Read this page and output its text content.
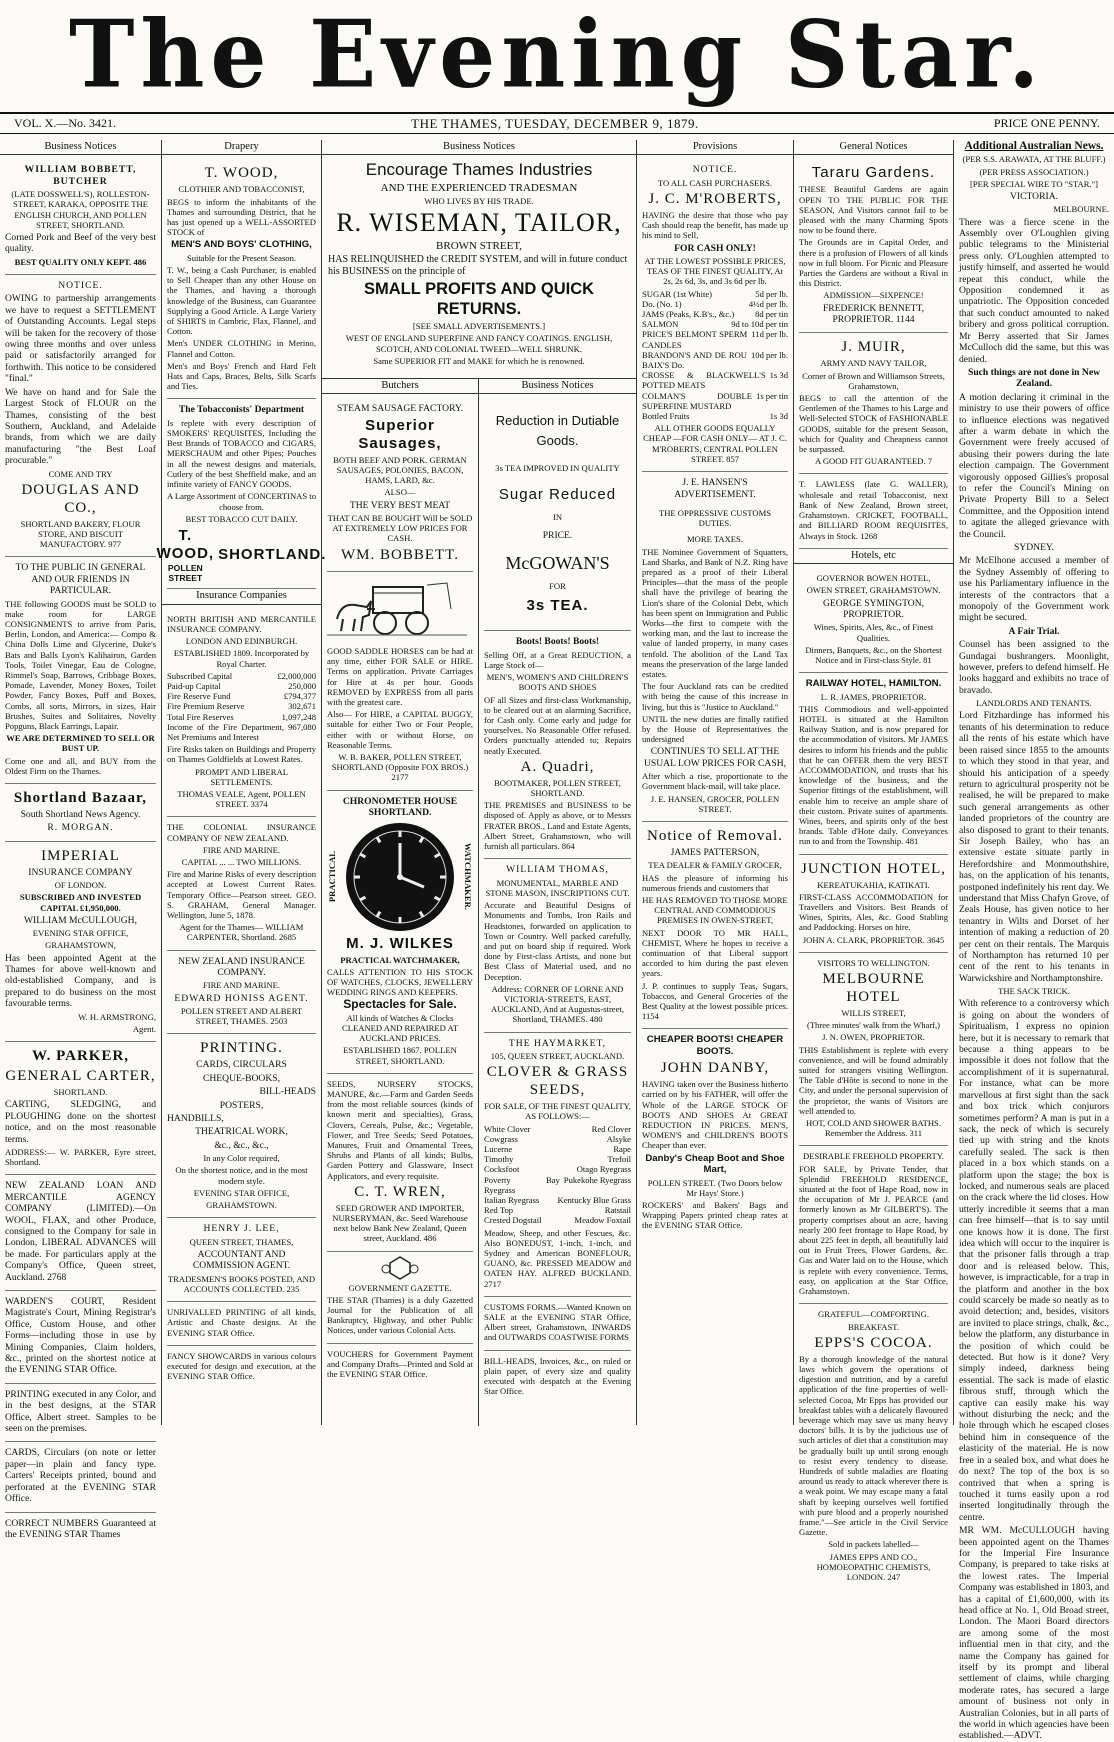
The Evening Star.
VOL. X.—No. 3421.	THE THAMES, TUESDAY, DECEMBER 9, 1879.	PRICE ONE PENNY.
Business Notices

WILLIAM BOBBETT, BUTCHER

(LATE DOSSWELL'S), ROLLESTON-STREET, KARAKA, OPPOSITE THE ENGLISH CHURCH, AND POLLEN STREET, SHORTLAND.

Corned Pork and Beef of the very best quality.

BEST QUALITY ONLY KEPT. 486

NOTICE.

OWING to partnership arrangements we have to request a SETTLEMENT of Outstanding Accounts. Legal steps will be taken for the recovery of those owing three months and over unless paid or satisfactorily arranged for forthwith. This notice to be considered "final."

We have on hand and for Sale the Largest Stock of FLOUR on the Thames, consisting of the best Southern, Auckland, and Adelaide brands, from which we are daily manufacturing "the Best Loaf procurable."

COME AND TRY

DOUGLAS AND CO.,

SHORTLAND BAKERY, FLOUR STORE, AND BISCUIT MANUFACTORY. 977

TO THE PUBLIC IN GENERAL AND OUR FRIENDS IN PARTICULAR.

THE following GOODS must be SOLD to make room for LARGE CONSIGNMENTS to arrive from Paris, Berlin, London, and America:— Compo & China Dolls Lime and Glycerine, Duke's Bats and Balls Lyon's Kalihairon, Garden Tools, Toilet Vinegar, Eau de Cologne, Rimmel's Soap, Barrows, Cribbage Boxes, Pomade, Lavender, Money Boxes, Toilet Powder, Fancy Boxes, Puff and Boxes, Combs, all sorts, Mirrors, in sizes, Hair Brushes, Suites and Solitaires, Novelty Popguns, Black Earrings, Lapair.

WE ARE DETERMINED TO SELL OR BUST UP.

Come one and all, and BUY from the Oldest Firm on the Thames.

Shortland Bazaar,

South Shortland News Agency.

R. MORGAN.

IMPERIAL

INSURANCE COMPANY

OF LONDON.

SUBSCRIBED AND INVESTED CAPITAL £1,950,000.

WILLIAM McCULLOUGH,

EVENING STAR OFFICE,

GRAHAMSTOWN,

Has been appointed Agent at the Thames for above well-known and old-established Company, and is prepared to do business on the most favourable terms.

W. H. ARMSTRONG,

Agent.

W. PARKER,

GENERAL CARTER,

SHORTLAND.

CARTING, SLEDGING, and PLOUGHING done on the shortest notice, and on the most reasonable terms.

ADDRESS:— W. PARKER, Eyre street, Shortland.

NEW ZEALAND LOAN AND MERCANTILE AGENCY COMPANY (LIMITED).—On WOOL, FLAX, and other Produce, consigned to the Company for sale in London, LIBERAL ADVANCES will be made. For particulars apply at the Company's Office, Queen street, Auckland. 2768

WARDEN'S COURT, Resident Magistrate's Court, Mining Registrar's Office, Custom House, and other Forms—including those in use by Mining Companies, Claim holders, &c., printed on the shortest notice at the EVENING STAR Office.

PRINTING executed in any Color, and in the best designs, at the STAR Office, Albert street. Samples to be seen on the premises.

CARDS, Circulars (on note or letter paper—in plain and fancy type. Carters' Receipts printed, bound and perforated at the EVENING STAR Office.

CORRECT NUMBERS Guaranteed at the EVENING STAR Thames

Drapery

T. WOOD,

CLOTHIER AND TOBACCONIST,

BEGS to inform the inhabitants of the Thames and surrounding District, that he has just opened up a WELL-ASSORTED STOCK of

MEN'S AND BOYS' CLOTHING,

Suitable for the Present Season.

T. W., being a Cash Purchaser, is enabled to Sell Cheaper than any other House on the Thames, and having a thorough knowledge of the Business, can Guarantee Supplying a Good Article. A Large Variety of SHIRTS in Cambric, Flax, Flannel, and Cotton.

Men's UNDER CLOTHING in Merino, Flannel and Cotton.

Men's and Boys' French and Hard Felt Hats and Caps, Braces, Belts, Silk Scarfs and Ties.

The Tobacconists' Department

Is replete with every description of SMOKERS' REQUISITES, Including the Best Brands of TOBACCO and CIGARS, MERSCHAUM and other Pipes; Pouches in all the newest designs and materials, Cutlery of the best Sheffield make, and an infinite variety of FANCY GOODS.

A Large Assortment of CONCERTINAS to choose from.

BEST TOBACCO CUT DAILY.

T. WOOD,
POLLEN STREET
SHORTLAND.
Insurance Companies

NORTH BRITISH AND MERCANTILE INSURANCE COMPANY.

LONDON AND EDINBURGH.

ESTABLISHED 1809. Incorporated by Royal Charter.

Subscribed Capital	£2,000,000
Paid-up Capital	250,000
Fire Reserve Fund	£794,377
Fire Premium Reserve	302,671
Total Fire Reserves	1,097,248
Income of the Fire Department, Net Premiums and Interest
967,080

Fire Risks taken on Buildings and Property on Thames Goldfields at Lowest Rates.

PROMPT AND LIBERAL SETTLEMENTS.

THOMAS VEALE, Agent, POLLEN STREET. 3374

THE COLONIAL INSURANCE COMPANY OF NEW ZEALAND.

FIRE AND MARINE.

CAPITAL ... ... TWO MILLIONS.

Fire and Marine Risks of every description accepted at Lowest Current Rates. Temporary Office—Pearson street. GEO. S. GRAHAM, General Manager. Wellington, June 5, 1878.

Agent for the Thames— WILLIAM CARPENTER, Shortland. 2685

NEW ZEALAND INSURANCE COMPANY.

FIRE AND MARINE.

EDWARD HONISS AGENT.

POLLEN STREET AND ALBERT STREET, THAMES. 2503

PRINTING.

CARDS, CIRCULARS

CHEQUE-BOOKS,

BILL-HEADS

POSTERS,

HANDBILLS,

THEATRICAL WORK,

&c., &c., &c.,

In any Color required,

On the shortest notice, and in the most modern style.

EVENING STAR OFFICE,

GRAHAMSTOWN.

HENRY J. LEE,

QUEEN STREET, THAMES,

ACCOUNTANT AND COMMISSION AGENT.

TRADESMEN'S BOOKS POSTED, AND ACCOUNTS COLLECTED. 235

UNRIVALLED PRINTING of all kinds, Artistic and Chaste designs. At the EVENING STAR Office.

FANCY SHOWCARDS in various colours executed for design and execution, at the EVENING STAR Office.

Business Notices

Encourage Thames Industries

AND THE EXPERIENCED TRADESMAN

WHO LIVES BY HIS TRADE.

R. WISEMAN, TAILOR,

BROWN STREET,

HAS RELINQUISHED the CREDIT SYSTEM, and will in future conduct his BUSINESS on the principle of

SMALL PROFITS AND QUICK RETURNS.

[SEE SMALL ADVERTISEMENTS.]

WEST OF ENGLAND SUPERFINE AND FANCY COATINGS. ENGLISH, SCOTCH, AND COLONIAL TWEED—WELL SHRUNK.

Same SUPERIOR FIT and MAKE for which he is renowned.

Butchers

STEAM SAUSAGE FACTORY.

Superior Sausages,

BOTH BEEF AND PORK. GERMAN SAUSAGES, POLONIES, BACON, HAMS, LARD, &c.

ALSO—

THE VERY BEST MEAT

THAT CAN BE BOUGHT Will be SOLD AT EXTREMELY LOW PRICES FOR CASH.

WM. BOBBETT.

GOOD SADDLE HORSES can be had at any time, either FOR SALE or HIRE. Terms on application. Private Carriages for Hire at 4s per hour. Goods REMOVED by EXPRESS from all parts with the greatest care.

Also— For HIRE, a CAPITAL BUGGY, suitable for either Two or Four People, either with or without Horse, on Reasonable Terms.

W. B. BAKER, POLLEN STREET, SHORTLAND (Opposite FOX BROS.) 2177

CHRONOMETER HOUSE SHORTLAND.

PRACTICAL	WATCHMAKER.

M. J. WILKES

PRACTICAL WATCHMAKER,

CALLS ATTENTION TO HIS STOCK OF WATCHES, CLOCKS, JEWELLERY WEDDING RINGS AND KEEPERS.

Spectacles for Sale.

All kinds of Watches & Clocks CLEANED AND REPAIRED AT AUCKLAND PRICES.

ESTABLISHED 1867. POLLEN STREET, SHORTLAND.

SEEDS, NURSERY STOCKS, MANURE, &c.—Farm and Garden Seeds from the most reliable sources (kinds of known merit and specialties), Grass, Clovers, Cereals, Pulse, &c.; Vegetable, Flower, and Tree Seeds; Seed Potatoes, Manures, Fruit and Ornamental Trees, Shrubs and Plants of all kinds; Bulbs, Garden Pottery and Glassware, Insect Applicators, and every requisite.

C. T. WREN,

SEED GROWER AND IMPORTER, NURSERYMAN, &c. Seed Warehouse next below Bank New Zealand, Queen street, Auckland. 486

GOVERNMENT GAZETTE.

THE STAR (Thames) is a duly Gazetted Journal for the Publication of all Bankruptcy, Highway, and other Public Notices, under various Colonial Acts.

VOUCHERS for Government Payment and Company Drafts—Printed and Sold at the EVENING STAR Office.

Business Notices

Reduction in Dutiable Goods.

3s TEA IMPROVED IN QUALITY

Sugar Reduced

IN

PRICE.

McGOWAN'S

FOR

3s TEA.

Boots! Boots! Boots!

Selling Off, at a Great REDUCTION, a Large Stock of—

MEN'S, WOMEN'S AND CHILDREN'S BOOTS AND SHOES

OF all Sizes and first-class Workmanship, to be cleared out at an alarming Sacrifice, for Cash only. Come early and judge for yourselves. No Reasonable Offer refused. Orders punctually attended to; Repairs neatly Executed.

A. Quadri,

BOOTMAKER, POLLEN STREET, SHORTLAND.

THE PREMISES and BUSINESS to be disposed of. Apply as above, or to Messrs FRATER BROS., Land and Estate Agents, Albert Street, Grahamstown, who will furnish all particulars. 864

WILLIAM THOMAS,

MONUMENTAL, MARBLE AND STONE MASON, INSCRIPTIONS CUT.

Accurate and Beautiful Designs of Monuments and Tombs, Iron Rails and Headstones, forwarded on application to Town or Country. Well packed carefully, and put on board ship if required. Work done by First-class Artists, and none but Best Class of Material used, and no Deception.

Address: CORNER OF LORNE AND VICTORIA-STREETS, EAST, AUCKLAND, And at Augustus-street, Shortland, THAMES. 480

THE HAYMARKET,

105, QUEEN STREET, AUCKLAND.

CLOVER & GRASS SEEDS,

FOR SALE, OF THE FINEST QUALITY, AS FOLLOWS:—

White Clover	Red Clover
Cowgrass	Alsyke
Lucerne	Rape
Timothy	Trefoil
Cocksfoot	Otago Ryegrass
Poverty Bay Ryegrass
Pukekohe Ryegrass
Italian Ryegrass Kentucky Blue Grass
Red Top	Ratstail
Crested Dogstail	Meadow Foxtail

Meadow, Sheep, and other Fescues, &c. Also BONEDUST, 1-inch, 1-inch, and Sydney and American BONEFLOUR, GUANO, &c. PRESSED MEADOW and OATEN HAY. ALFRED BUCKLAND. 2717

CUSTOMS FORMS.—Wanted Known on SALE at the EVENING STAR Office, Albert street, Grahamstown, INWARDS and OUTWARDS COASTWISE FORMS

BILL-HEADS, Invoices, &c., on ruled or plain paper, of every size and quality executed with despatch at the Evening Star Office.

Provisions

NOTICE.

TO ALL CASH PURCHASERS.

J. C. M'ROBERTS,

HAVING the desire that those who pay Cash should reap the benefit, has made up his mind to Sell,

FOR CASH ONLY!

AT THE LOWEST POSSIBLE PRICES, TEAS OF THE FINEST QUALITY, At 2s, 2s 6d, 3s, and 3s 6d per lb.

SUGAR (1st White)	5d per lb.
Do. (No. 1)	4½d per lb.
JAMS (Peaks, K.B's., &c.) 8d per tin
SALMON	9d to 10d per tin
PRICE'S BELMONT SPERM CANDLES
11d per lb.
BRANDON'S AND DE ROU BAIX'S Do.
10d per lb.
CROSSE & BLACKWELL'S POTTED MEATS
1s 3d
COLMAN'S DOUBLE SUPERFINE MUSTARD
1s per tin
Bottled Fruits	1s 3d

ALL OTHER GOODS EQUALLY CHEAP —FOR CASH ONLY— AT J. C. M'ROBERTS, CENTRAL POLLEN STREET. 857

J. E. HANSEN'S ADVERTISEMENT.

THE OPPRESSIVE CUSTOMS DUTIES.

MORE TAXES.

THE Nominee Government of Squatters, Land Sharks, and Bank of N.Z. Ring have prepared as a proof of their Liberal Principles—that the mass of the people shall have the privilege of bearing the Lion's share of the Colonial Debt, which has been spent on Immigration and Public Works—the first to compete with the working man, and the last to increase the value of landed property, in many cases tenfold. The abolition of the Land Tax means the preservation of the large landed estates.

The four Auckland rats can be credited with being the cause of this increase in living, but this is "Justice to Auckland."

UNTIL the new duties are finally ratified by the House of Representatives the undersigned

CONTINUES TO SELL AT THE USUAL LOW PRICES FOR CASH,

After which a rise, proportionate to the Government black-mail, will take place.

J. E. HANSEN, GROCER, POLLEN STREET.

Notice of Removal.

JAMES PATTERSON,

TEA DEALER & FAMILY GROCER,

HAS the pleasure of informing his numerous friends and customers that

HE HAS REMOVED TO THOSE MORE CENTRAL AND COMMODIOUS PREMISES IN OWEN-STREET,

NEXT DOOR TO MR HALL, CHEMIST, Where he hopes to receive a continuation of that Liberal support accorded to him during the past eleven years.

J. P. continues to supply Teas, Sugars, Tobaccos, and General Groceries of the Best Quality at the lowest possible prices. 1154

CHEAPER BOOTS! CHEAPER BOOTS.

JOHN DANBY,

HAVING taken over the Business hitherto carried on by his FATHER, will offer the Whole of the LARGE STOCK OF BOOTS AND SHOES At GREAT REDUCTION IN PRICES. MEN'S, WOMEN'S and CHILDREN'S BOOTS Cheaper than ever.

Danby's Cheap Boot and Shoe Mart,

POLLEN STREET. (Two Doors below Mr Hays' Store.)

ROCKERS' and Bakers' Bags and Wrapping Papers printed cheap rates at the EVENING STAR Office.

General Notices

Tararu Gardens.

THESE Beautiful Gardens are again OPEN TO THE PUBLIC FOR THE SEASON, And Visitors cannot fail to be pleased with the many Charming Spots now to be found there.

The Grounds are in Capital Order, and there is a profusion of Flowers of all kinds now in full bloom. For Picnic and Pleasure Parties the Gardens are without a Rival in this District.

ADMISSION—SIXPENCE!

FREDERICK BENNETT, PROPRIETOR. 1144

J. MUIR,

ARMY AND NAVY TAILOR,

Corner of Brown and Williamson Streets, Grahamstown,

BEGS to call the attention of the Gentlemen of the Thames to his Large and Well-Selected STOCK of FASHIONABLE GOODS, suitable for the present Season, which for Quality and Cheapness cannot be surpassed.

A GOOD FIT GUARANTEED. 7

T. LAWLESS (late G. WALLER), wholesale and retail Tobacconist, next Bank of New Zealand, Brown street, Grahamstown. CRICKET, FOOTBALL, and BILLIARD ROOM REQUISITES, Always in Stock. 1268

Hotels, etc

GOVERNOR BOWEN HOTEL,

OWEN STREET, GRAHAMSTOWN.

GEORGE SYMINGTON, PROPRIETOR.

Wines, Spirits, Ales, &c., of Finest Qualities.

Dinners, Banquets, &c., on the Shortest Notice and in First-class Style. 81

RAILWAY HOTEL, HAMILTON.

L. R. JAMES, PROPRIETOR.

THIS Commodious and well-appointed HOTEL is situated at the Hamilton Railway Station, and is now prepared for the accommodation of visitors. Mr JAMES desires to inform his friends and the public that he can OFFER them the very BEST ACCOMMODATION, and trusts that his knowledge of the business, and the Superior fittings of the establishment, will enable him to receive an ample share of their custom. Private suites of apartments. Wines, beers, and spirits only of the best brands. Table d'Hote daily. Conveyances run to and from the Township. 481

JUNCTION HOTEL,

KEREATUKAHIA, KATIKATI.

FIRST-CLASS ACCOMMODATION for Travellers and Visitors. Best Brands of Wines, Spirits, Ales, &c. Good Stabling and Paddocking. Horses on hire.

JOHN A. CLARK, PROPRIETOR. 3645

VISITORS TO WELLINGTON.

MELBOURNE HOTEL

WILLIS STREET,

(Three minutes' walk from the Wharf,)

J. N. OWEN, PROPRIETOR.

THIS Establishment is replete with every convenience, and will be found admirably suited for strangers visiting Wellington. The Table d'Hôte is second to none in the City, and under the personal supervision of the proprietor, the wants of Visitors are well attended to.

HOT, COLD AND SHOWER BATHS. Remember the Address. 311

DESIRABLE FREEHOLD PROPERTY.

FOR SALE, by Private Tender, that Splendid FREEHOLD RESIDENCE, situated at the foot of Hape Road, now in the occupation of Mr J. PEARCE (and formerly known as Mr GILBERT'S). The property comprises about an acre, having nearly 200 feet frontage to Hape Road, by about 225 feet in depth, all beautifully laid out in Fruit Trees, Flower Gardens, &c. Gas and Water laid on to the House, which is replete with every convenience. Terms, easy, on application at the Star Office, Grahamstown.

GRATEFUL—COMFORTING.

BREAKFAST.

EPPS'S COCOA.

By a thorough knowledge of the natural laws which govern the operations of digestion and nutrition, and by a careful application of the fine properties of well-selected Cocoa, Mr Epps has provided our breakfast tables with a delicately flavoured beverage which may save us many heavy doctors' bills. It is by the judicious use of such articles of diet that a constitution may be gradually built up until strong enough to resist every tendency to disease. Hundreds of subtle maladies are floating around us ready to attack wherever there is a weak point. We may escape many a fatal shaft by keeping ourselves well fortified with pure blood and a properly nourished frame."—See article in the Civil Service Gazette.

Sold in packets labelled—

JAMES EPPS AND CO., HOMOEOPATHIC CHEMISTS, LONDON. 247

Additional Australian News.

(PER S.S. ARAWATA, AT THE BLUFF.)

(PER PRESS ASSOCIATION.)

[PER SPECIAL WIRE TO "STAR."]

VICTORIA.

MELBOURNE.

There was a fierce scene in the Assembly over O'Loughlen giving public telegrams to the Ministerial press only. O'Loughlen attempted to justify himself, and asserted he would repeat this conduct, while the Opposition condemned it as unpatriotic. The Opposition conceded that such conduct amounted to naked bribery and gross political corruption. Mr Berry asserted that Sir James McCulloch did the same, but this was denied.

Such things are not done in New Zealand.

A motion declaring it criminal in the ministry to use their powers of office to influence elections was negatived after a warm debate in which the Government were freely accused of abusing their powers during the late election campaign. The Government vigorously opposed Gillies's proposal to refer the Council's Mining on Private Property Bill to a Select Committee, and the Opposition intend to agitate the alleged grievance with the Council.

SYDNEY.

Mr McElhone accused a member of the Sydney Assembly of offering to use his Parliamentary influence in the interests of the contractors that a monopoly of the Government work might be secured.

A Fair Trial.

Counsel has been assigned to the Gundagai bushrangers. Moonlight, however, prefers to defend himself. He looks haggard and exhibits no trace of bravado.

LANDLORDS AND TENANTS.

Lord Fitzhardinge has informed his tenants of his determination to reduce all the rents of his estate which have been raised since 1855 to the amounts to which they stood in that year, and should his anticipation of a speedy return to agricultural prosperity not be realised, he will be prepared to make such general arrangements as other landed proprietors of the country are also disposed to grant to their tenants. Sir Joseph Bailey, who has an extensive estate situate partly in Herefordshire and Monmouthshire, has, on the application of his tenants, postponed indefinitely his rent day. We understand that Miss Chafyn Grove, of Zeals House, has given notice to her tenantry in Wilts and Dorset of her intention of making a reduction of 20 per cent on their rentals. The Marquis of Northampton has returned 10 per cent of the rent to his tenants in Warwickshire and Northamptonshire.

THE SACK TRICK.

With reference to a controversy which is going on about the wonders of Spiritualism, I express no opinion here, but it is necessary to remark that because a thing appears to be impossible it does not follow that the accomplishment of it is supernatural. For instance, what can be more marvellous at first sight than the sack and box trick which conjurors sometimes perform? A man is put in a sack, the neck of which is securely tied up with string and the knots carefully sealed. The sack is then placed in a box which stands on a platform upon the stage; the box is locked, and numerous seals are placed on the crack where the lid closes. How utterly incredible it seems that a man can free himself—that is to say until one knows how it is done. The first idea which will occur to the inquirer is that the prisoner falls through a trap door and is released below. This, however, is impracticable, for a trap in the platform and another in the box could scarcely be made so neatly as to avoid detection; and, besides, visitors are invited to place strings, chalk, &c., below the platform, any disturbance in the position of which could be detected. But how is it done? Very simply indeed, darkness being essential. The sack is made of elastic fibrous stuff, through which the captive can easily make his way without disturbing the neck; and the hole through which he escaped closes behind him in consequence of the elasticity of the material. He is now free in a sealed box, and what does he do next? The top of the box is so contrived that when a spring is touched it turns easily upon a rod inserted longitudinally through the centre.

MR WM. McCULLOUGH having been appointed agent on the Thames for the Imperial Fire Insurance Company, is prepared to take risks at the lowest rates. The Imperial Company was established in 1803, and has a capital of £1,600,000, with its head office at No. 1, Old Broad street, London. The Maori Board directors are among some of the most influential men in that city, and the name the Company has gained for itself by its prompt and liberal settlement of claims, while charging moderate rates, has secured a large amount of business not only in Australian Colonies, but in all parts of the world in which agencies have been established.—ADVT.
